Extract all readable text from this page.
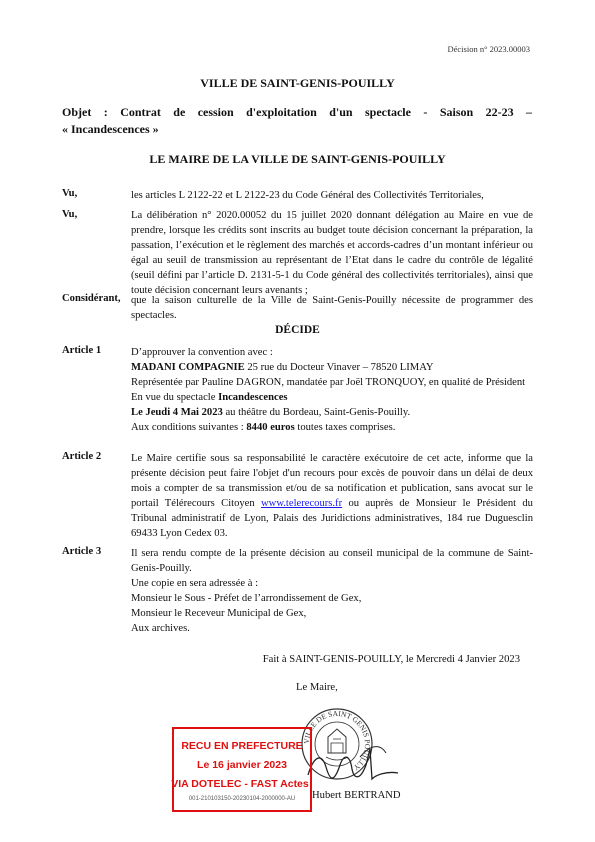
Décision n° 2023.00003
VILLE DE SAINT-GENIS-POUILLY
Objet : Contrat de cession d'exploitation d'un spectacle - Saison 22-23 –
« Incandescences »
LE MAIRE DE LA VILLE DE SAINT-GENIS-POUILLY
Vu,	les articles L 2122-22 et L 2122-23 du Code Général des Collectivités Territoriales,
Vu,	La délibération n° 2020.00052 du 15 juillet 2020 donnant délégation au Maire en vue de prendre, lorsque les crédits sont inscrits au budget toute décision concernant la préparation, la passation, l’exécution et le règlement des marchés et accords-cadres d’un montant inférieur ou égal au seuil de transmission au représentant de l’Etat dans le cadre du contrôle de légalité (seuil défini par l’article D. 2131-5-1 du Code général des collectivités territoriales), ainsi que toute décision concernant leurs avenants ;
Considérant, que la saison culturelle de la Ville de Saint-Genis-Pouilly nécessite de programmer des spectacles.
DÉCIDE
Article 1	D’approuver la convention avec :
MADANI COMPAGNIE 25 rue du Docteur Vinaver – 78520 LIMAY
Représentée par Pauline DAGRON, mandatée par Joël TRONQUOY, en qualité de Président
En vue du spectacle Incandescences
Le Jeudi 4 Mai 2023 au théâtre du Bordeau, Saint-Genis-Pouilly.
Aux conditions suivantes : 8440 euros toutes taxes comprises.
Article 2	Le Maire certifie sous sa responsabilité le caractère exécutoire de cet acte, informe que la présente décision peut faire l'objet d'un recours pour excès de pouvoir dans un délai de deux mois a compter de sa transmission et/ou de sa notification et publication, sans avocat sur le portail Télérecours Citoyen www.telerecours.fr ou auprès de Monsieur le Président du Tribunal administratif de Lyon, Palais des Juridictions administratives, 184 rue Duguesclin 69433 Lyon Cedex 03.
Article 3	Il sera rendu compte de la présente décision au conseil municipal de la commune de Saint-Genis-Pouilly.
Une copie en sera adressée à :
Monsieur le Sous - Préfet de l’arrondissement de Gex,
Monsieur le Receveur Municipal de Gex,
Aux archives.
Fait à SAINT-GENIS-POUILLY, le Mercredi 4 Janvier 2023
Le Maire,
VILLE DE SAINT GENIS POUILLY
Hubert BERTRAND
RECU EN PREFECTURE
Le 16 janvier 2023
VIA DOTELEC - FAST Actes
001-210103150-20230104-2000000-AU
